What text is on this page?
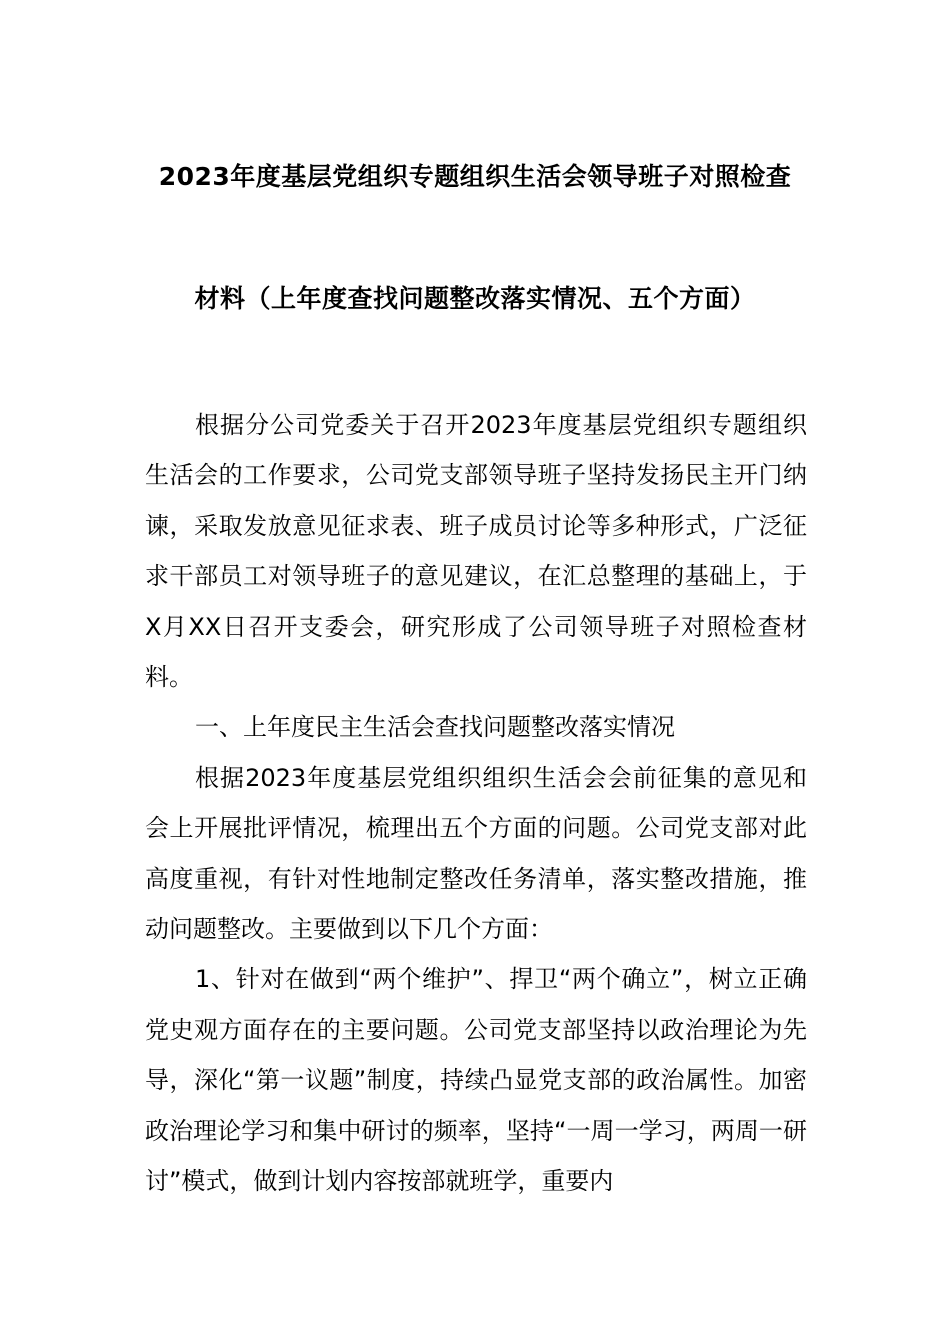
2023年度基层党组织专题组织生活会领导班子对照检查
材料（上年度查找问题整改落实情况、五个方面）

根据分公司党委关于召开2023年度基层党组织专题组织生活会的工作要求，公司党支部领导班子坚持发扬民主开门纳谏，采取发放意见征求表、班子成员讨论等多种形式，广泛征求干部员工对领导班子的意见建议，在汇总整理的基础上，于X月XX日召开支委会，研究形成了公司领导班子对照检查材料。

一、上年度民主生活会查找问题整改落实情况

根据2023年度基层党组织组织生活会会前征集的意见和会上开展批评情况，梳理出五个方面的问题。公司党支部对此高度重视，有针对性地制定整改任务清单，落实整改措施，推动问题整改。主要做到以下几个方面：

1、针对在做到“两个维护”、捍卫“两个确立”，树立正确党史观方面存在的主要问题。公司党支部坚持以政治理论为先导，深化“第一议题”制度，持续凸显党支部的政治属性。加密政治理论学习和集中研讨的频率，坚持“一周一学习，两周一研讨”模式，做到计划内容按部就班学，重要内
